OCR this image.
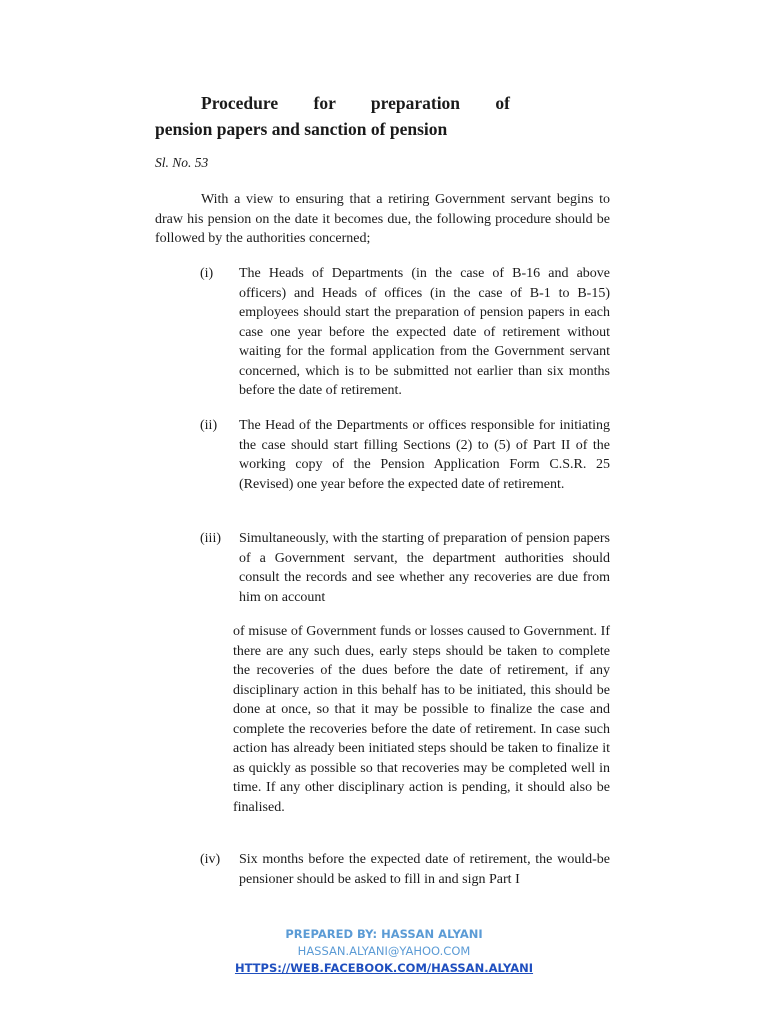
Procedure for preparation of
pension papers and sanction of pension

Sl. No. 53

With a view to ensuring that a retiring Government servant begins to draw his pension on the date it becomes due, the following procedure should be followed by the authorities concerned;

(i) The Heads of Departments (in the case of B-16 and above officers) and Heads of offices (in the case of B-1 to B-15) employees should start the preparation of pension papers in each case one year before the expected date of retirement without waiting for the formal application from the Government servant concerned, which is to be submitted not earlier than six months before the date of retirement.
(ii) The Head of the Departments or offices responsible for initiating the case should start filling Sections (2) to (5) of Part II of the working copy of the Pension Application Form C.S.R. 25 (Revised) one year before the expected date of retirement.
(iii) Simultaneously, with the starting of preparation of pension papers of a Government servant, the department authorities should consult the records and see whether any recoveries are due from him on account

of misuse of Government funds or losses caused to Government. If there are any such dues, early steps should be taken to complete the recoveries of the dues before the date of retirement, if any disciplinary action in this behalf has to be initiated, this should be done at once, so that it may be possible to finalize the case and complete the recoveries before the date of retirement. In case such action has already been initiated steps should be taken to finalize it as quickly as possible so that recoveries may be completed well in time. If any other disciplinary action is pending, it should also be finalised.

(iv) Six months before the expected date of retirement, the would-be pensioner should be asked to fill in and sign Part I
PREPARED BY: HASSAN ALYANI
HASSAN.ALYANI@YAHOO.COM
HTTPS://WEB.FACEBOOK.COM/HASSAN.ALYANI
